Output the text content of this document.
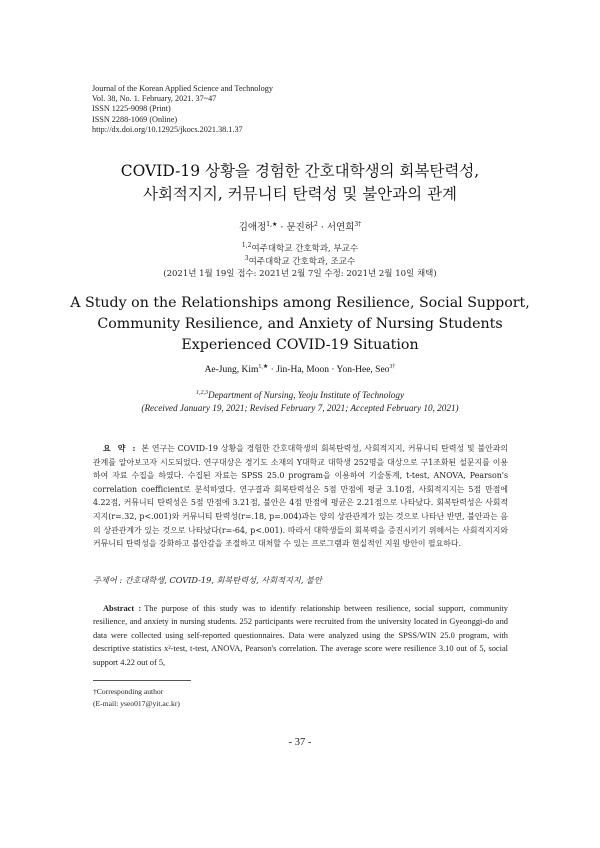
Journal of the Korean Applied Science and Technology
Vol. 38, No. 1. February, 2021. 37~47
ISSN 1225-9098 (Print)
ISSN 2288-1069 (Online)
http://dx.doi.org/10.12925/jkocs.2021.38.1.37
COVID-19 상황을 경험한 간호대학생의 회복탄력성,
사회적지지, 커뮤니티 탄력성 및 불안과의 관계
김애정$^{1,★}$ · 문진하$^2$ · 서연희$^{3\dagger}$
$^{1,2}$여주대학교 간호학과, 부교수
$^3$여주대학교 간호학과, 조교수
(2021년 1월 19일 접수: 2021년 2월 7일 수정: 2021년 2월 10일 채택)
A Study on the Relationships among Resilience, Social Support,
Community Resilience, and Anxiety of Nursing Students
Experienced COVID-19 Situation
Ae-Jung, Kim$^{1,★}$ · Jin-Ha, Moon · Yon-Hee, Seo$^{3\dagger}$
$^{1,2,3}$Department of Nursing, Yeoju Institute of Technology
(Received January 19, 2021; Revised February 7, 2021; Accepted February 10, 2021)
요 약 : 본 연구는 COVID-19 상황을 경험한 간호대학생의 회복탄력성, 사회적지지, 커뮤니티 탄력성 및 불안과의 관계를 알아보고자 시도되었다. 연구대상은 경기도 소재의 Y대학교 대학생 252명을 대상으로 구1조화된 설문지를 이용하여 자료 수집을 하였다. 수집된 자료는 SPSS 25.0 program을 이용하여 기술통계, t-test, ANOVA, Pearson's correlation coefficient로 분석하였다. 연구결과 회복탄력성은 5점 만점에 평균 3.10점, 사회적지지는 5점 만점에 4.22점, 커뮤니티 탄력성은 5점 만점에 3.21점, 불안은 4점 만점에 평균은 2.21점으로 나타났다. 회복탄력성은 사회적지지(r=.32, p<.001)와 커뮤니티 탄력성(r=.18, p=.004)과는 양의 상관관계가 있는 것으로 나타난 반면, 불안과는 음의 상관관계가 있는 것으로 나타났다(r=-64, p<.001). 따라서 대학생들의 회복력을 증진시키기 위해서는 사회적지지와 커뮤니티 탄력성을 강화하고 불안감을 조절하고 대처할 수 있는 프로그램과 현실적인 지원 방안이 필요하다.
주제어 : 간호대학생, COVID-19, 회복탄력성, 사회적지지, 불안
Abstract : The purpose of this study was to identify relationship between resilience, social support, community resilience, and anxiety in nursing students. 252 participants were recruited from the university located in Gyeonggi-do and data were collected using self-reported questionnaires. Data were analyzed using the SPSS/WIN 25.0 program, with descriptive statistics x²-test, t-test, ANOVA, Pearson's correlation. The average score were resilience 3.10 out of 5, social support 4.22 out of 5,
†Corresponding author
(E-mail: yseo017@yit.ac.kr)
- 37 -
